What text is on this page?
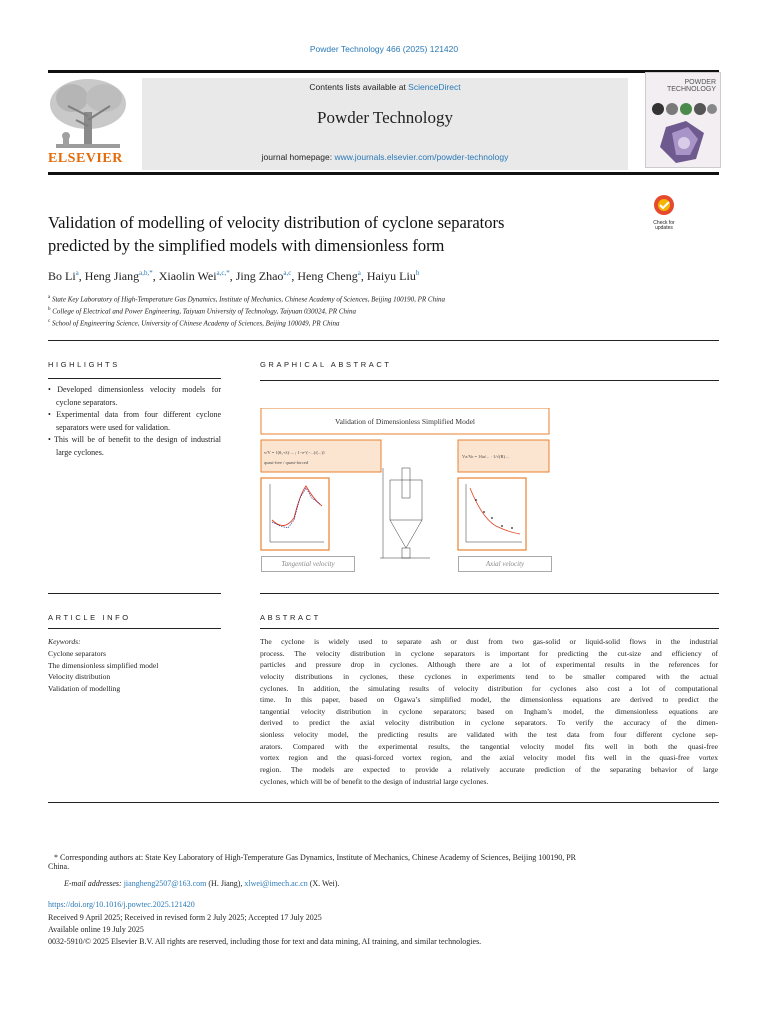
Powder Technology 466 (2025) 121420
ELSEVIER
Contents lists available at ScienceDirect
Powder Technology
journal homepage: www.journals.elsevier.com/powder-technology
POWDER
TECHNOLOGY
Check for updates
Validation of modelling of velocity distribution of cyclone separators
predicted by the simplified models with dimensionless form
Bo Li$^a$, Heng Jiang$^{a,b,*}$, Xiaolin Wei$^{a,c,*}$, Jing Zhao$^{a,c}$, Heng Cheng$^a$, Haiyu Liu$^b$
$^a$ State Key Laboratory of High-Temperature Gas Dynamics, Institute of Mechanics, Chinese Academy of Sciences, Beijing 100190, PR China
$^b$ College of Electrical and Power Engineering, Taiyuan University of Technology, Taiyuan 030024, PR China
$^c$ School of Engineering Science, University of Chinese Academy of Sciences, Beijing 100049, PR China
HIGHLIGHTS
• Developed dimensionless velocity models for cyclone separators.
• Experimental data from four different cyclone separators were used for validation.
• This will be of benefit to the design of industrial large cyclones.
GRAPHICAL ABSTRACT
Validation of Dimensionless Simplified Model
v/V = {(θ₁+λ)·... ; 1−e^(−...)/(...)}
quasi-free / quasi-forced
Vz/Vo = 16a/... · 1/√(R) ...
Tangential velocity	Axial velocity
ARTICLE INFO
Keywords:
Cyclone separators
The dimensionless simplified model
Velocity distribution
Validation of modelling
ABSTRACT
The cyclone is widely used to separate ash or dust from two gas-solid or liquid-solid flows in the industrial
process. The velocity distribution in cyclone separators is important for predicting the cut-size and efficiency of
particles and pressure drop in cyclones. Although there are a lot of experimental results in the references for
velocity distributions in cyclones, these cyclones in experiments tend to be smaller compared with the actual
cyclones. In addition, the simulating results of velocity distribution for cyclones also cost a lot of computational
time. In this paper, based on Ogawa’s simplified model, the dimensionless equations are derived to predict the
tangential velocity distribution in cyclone separators; based on Ingham’s model, the dimensionless equations are
derived to predict the axial velocity distribution in cyclone separators. To verify the accuracy of the dimen-
sionless velocity model, the predicting results are validated with the test data from four different cyclone sep-
arators. Compared with the experimental results, the tangential velocity model fits well in both the quasi-free
vortex region and the quasi-forced vortex region, and the axial velocity model fits well in the quasi-free vortex
region. The models are expected to provide a relatively accurate prediction of the separating behavior of large
cyclones, which will be of benefit to the design of industrial large cyclones.
* Corresponding authors at: State Key Laboratory of High-Temperature Gas Dynamics, Institute of Mechanics, Chinese Academy of Sciences, Beijing 100190, PR
China.
E-mail addresses: jiangheng2507@163.com (H. Jiang), xlwei@imech.ac.cn (X. Wei).
https://doi.org/10.1016/j.powtec.2025.121420
Received 9 April 2025; Received in revised form 2 July 2025; Accepted 17 July 2025
Available online 19 July 2025
0032-5910/© 2025 Elsevier B.V. All rights are reserved, including those for text and data mining, AI training, and similar technologies.
